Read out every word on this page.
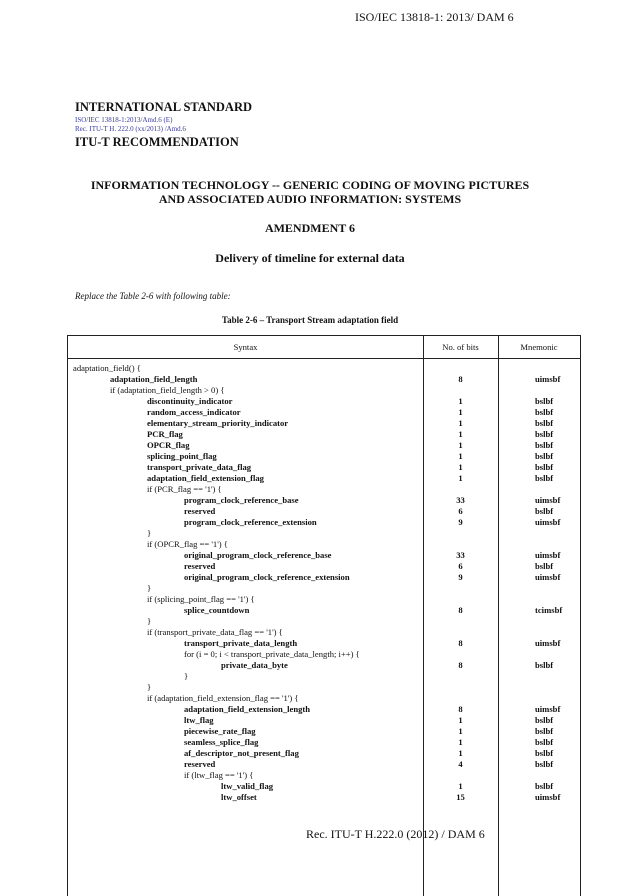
ISO/IEC 13818-1: 2013/ DAM 6
INTERNATIONAL STANDARD
ISO/IEC 13818-1:2013/Amd.6 (E)
Rec. ITU-T H. 222.0 (xx/2013) /Amd.6
ITU-T RECOMMENDATION
INFORMATION TECHNOLOGY -- GENERIC CODING OF MOVING PICTURES
AND ASSOCIATED AUDIO INFORMATION: SYSTEMS
AMENDMENT 6
Delivery of timeline for external data
Replace the Table 2-6 with following table:
Table 2-6 – Transport Stream adaptation field
Syntax	No. of bits	Mnemonic
adaptation_field() {
adaptation_field_length	8	uimsbf
if (adaptation_field_length > 0) {
discontinuity_indicator	1	bslbf
random_access_indicator	1	bslbf
elementary_stream_priority_indicator	1	bslbf
PCR_flag	1	bslbf
OPCR_flag	1	bslbf
splicing_point_flag	1	bslbf
transport_private_data_flag	1	bslbf
adaptation_field_extension_flag	1	bslbf
if (PCR_flag == '1') {
program_clock_reference_base	33	uimsbf
reserved	6	bslbf
program_clock_reference_extension	9	uimsbf
}
if (OPCR_flag == '1') {
original_program_clock_reference_base	33	uimsbf
reserved	6	bslbf
original_program_clock_reference_extension	9	uimsbf
}
if (splicing_point_flag == '1') {
splice_countdown	8	tcimsbf
}
if (transport_private_data_flag == '1') {
transport_private_data_length	8	uimsbf
for (i = 0; i < transport_private_data_length; i++) {
private_data_byte	8	bslbf
}
}
if (adaptation_field_extension_flag == '1') {
adaptation_field_extension_length	8	uimsbf
ltw_flag	1	bslbf
piecewise_rate_flag	1	bslbf
seamless_splice_flag	1	bslbf
af_descriptor_not_present_flag	1	bslbf
reserved	4	bslbf
if (ltw_flag == '1') {
ltw_valid_flag	1	bslbf
ltw_offset	15	uimsbf
Rec. ITU-T H.222.0 (2012) / DAM 6
